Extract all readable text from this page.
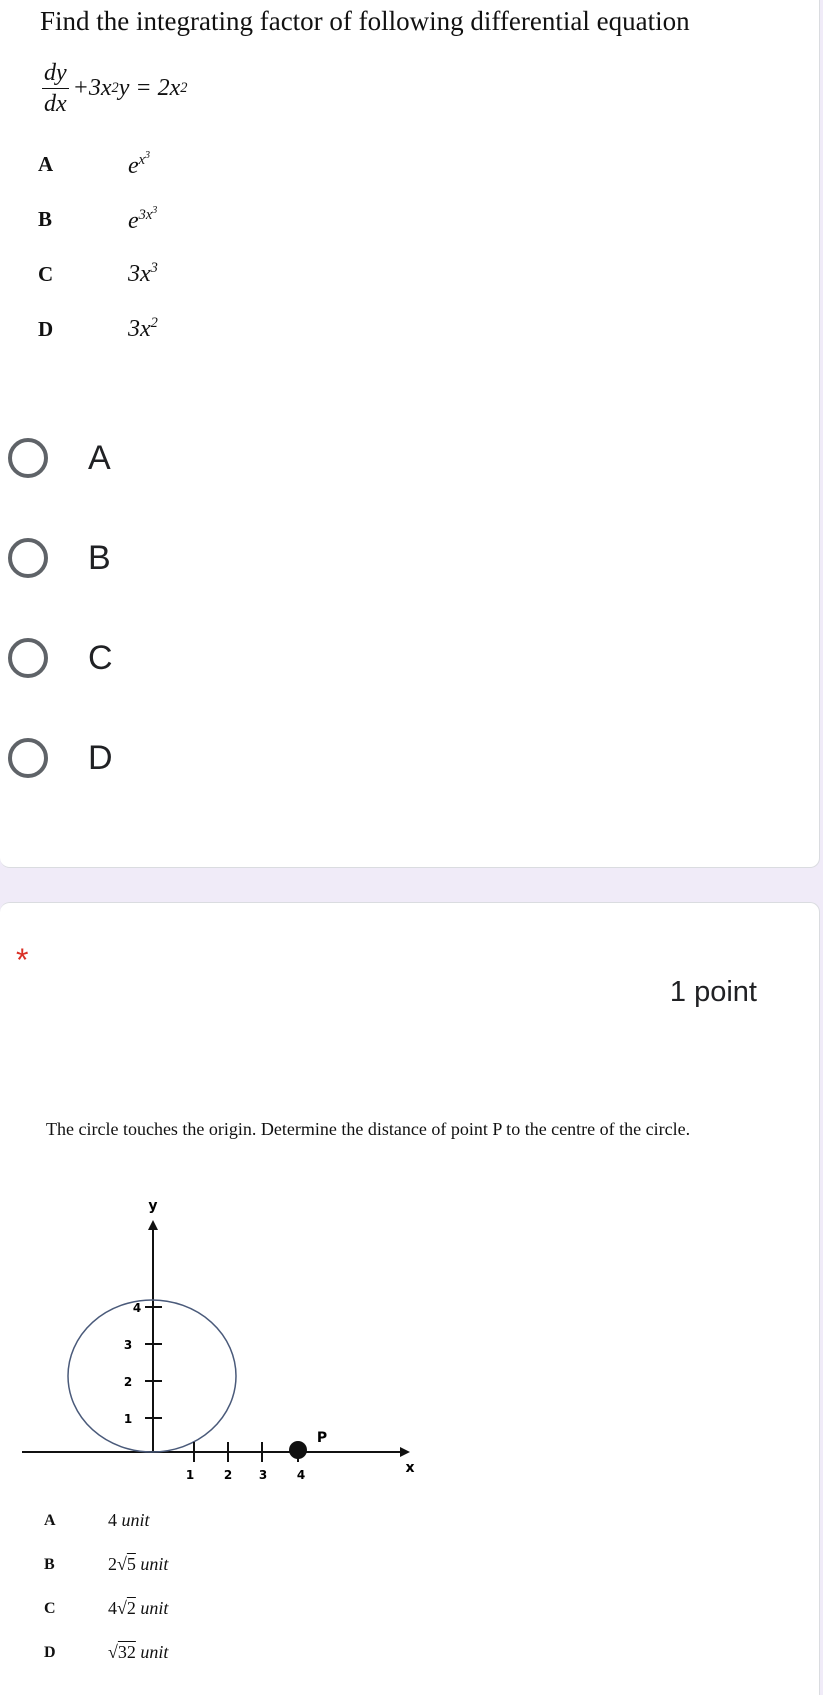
Find the integrating factor of following differential equation
$\frac{dy}{dx} +3x$ 2 y = 2x 2
A	$e^{x^3}$
B	$e^{3x^3}$
C	$3x^3$
D	$3x^2$
A
B
C
D
*
1 point
The circle touches the origin. Determine the distance of point P to the centre of the circle.
y
x
P
1
2
3
4
1 2 3 4
A	4 unit
B	2√5 unit
C	4√2 unit
D	√32 unit
